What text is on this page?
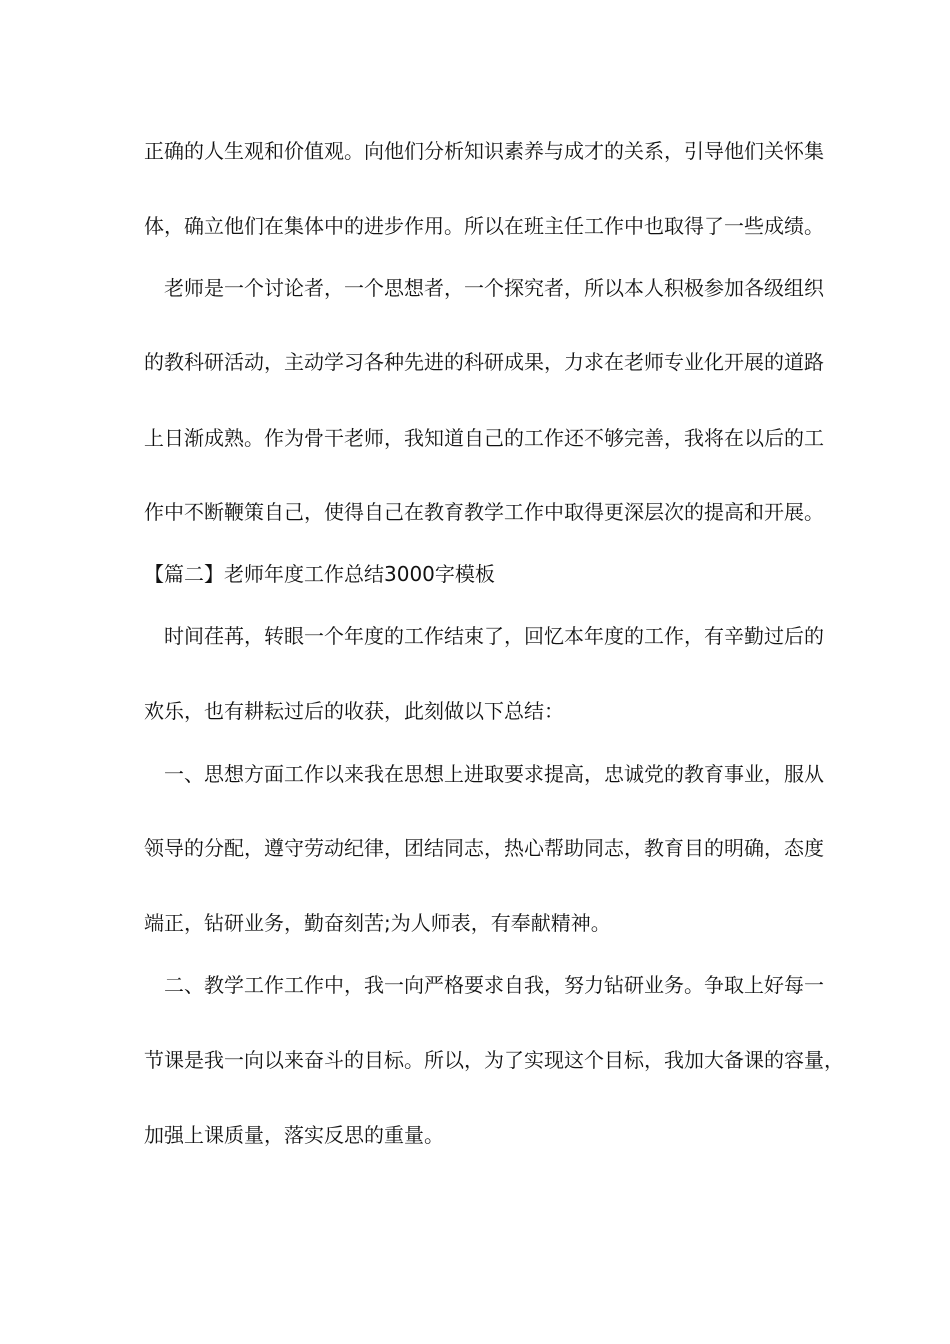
正确的人生观和价值观。向他们分析知识素养与成才的关系，引导他们关怀集
体，确立他们在集体中的进步作用。所以在班主任工作中也取得了一些成绩。
　老师是一个讨论者，一个思想者，一个探究者，所以本人积极参加各级组织
的教科研活动，主动学习各种先进的科研成果，力求在老师专业化开展的道路
上日渐成熟。作为骨干老师，我知道自己的工作还不够完善，我将在以后的工
作中不断鞭策自己，使得自己在教育教学工作中取得更深层次的提高和开展。
【篇二】老师年度工作总结3000字模板
　时间荏苒，转眼一个年度的工作结束了，回忆本年度的工作，有辛勤过后的
欢乐，也有耕耘过后的收获，此刻做以下总结：
　一、思想方面工作以来我在思想上进取要求提高，忠诚党的教育事业，服从
领导的分配，遵守劳动纪律，团结同志，热心帮助同志，教育目的明确，态度
端正，钻研业务，勤奋刻苦;为人师表，有奉献精神。
　二、教学工作工作中，我一向严格要求自我，努力钻研业务。争取上好每一
节课是我一向以来奋斗的目标。所以，为了实现这个目标，我加大备课的容量，
加强上课质量，落实反思的重量。
